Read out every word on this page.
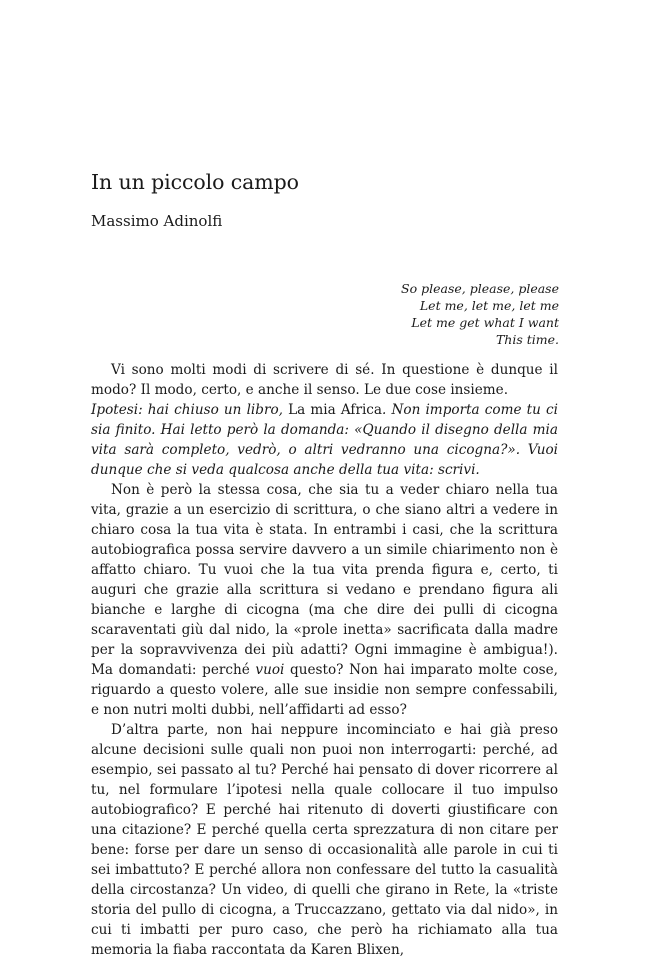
In un piccolo campo
Massimo Adinolfi
So please, please, please
Let me, let me, let me
Let me get what I want
This time.

Vi sono molti modi di scrivere di sé. In questione è dunque il modo? Il modo, certo, e anche il senso. Le due cose insieme.

Ipotesi: hai chiuso un libro, La mia Africa. Non importa come tu ci sia finito. Hai letto però la domanda: «Quando il disegno della mia vita sarà completo, vedrò, o altri vedranno una cicogna?». Vuoi dunque che si veda qualcosa anche della tua vita: scrivi.

Non è però la stessa cosa, che sia tu a veder chiaro nella tua vita, grazie a un esercizio di scrittura, o che siano altri a vedere in chiaro cosa la tua vita è stata. In entrambi i casi, che la scrittura autobiografica possa servire davvero a un simile chiarimento non è affatto chiaro. Tu vuoi che la tua vita prenda figura e, certo, ti auguri che grazie alla scrittura si vedano e prendano figura ali bianche e larghe di cicogna (ma che dire dei pulli di cicogna scaraventati giù dal nido, la «prole inetta» sacrificata dalla madre per la sopravvivenza dei più adatti? Ogni immagine è ambigua!). Ma domandati: perché vuoi questo? Non hai imparato molte cose, riguardo a questo volere, alle sue insidie non sempre confessabili, e non nutri molti dubbi, nell’affidarti ad esso?

D’altra parte, non hai neppure incominciato e hai già preso alcune decisioni sulle quali non puoi non interrogarti: perché, ad esempio, sei passato al tu? Perché hai pensato di dover ricorrere al tu, nel formulare l’ipotesi nella quale collocare il tuo impulso autobiografico? E perché hai ritenuto di doverti giustificare con una citazione? E perché quella certa sprezzatura di non citare per bene: forse per dare un senso di occasionalità alle parole in cui ti sei imbattuto? E perché allora non confessare del tutto la casualità della circostanza? Un video, di quelli che girano in Rete, la «triste storia del pullo di cicogna, a Truccazzano, gettato via dal nido», in cui ti imbatti per puro caso, che però ha richiamato alla tua memoria la fiaba raccontata da Karen Blixen,
